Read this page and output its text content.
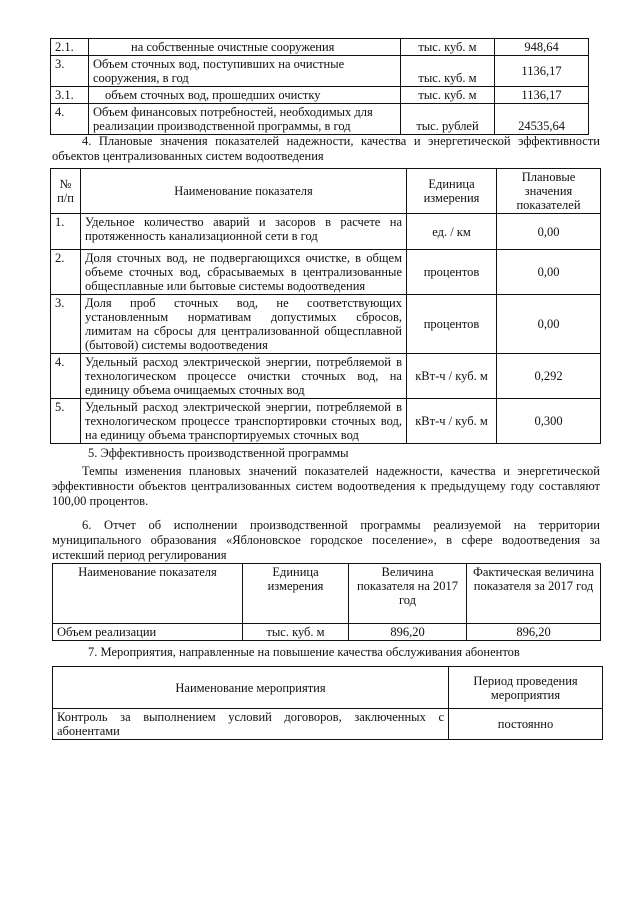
2.1.	на собственные очистные сооружения	тыс. куб. м	948,64
3.	Объем сточных вод, поступивших на очистные сооружения, в год	тыс. куб. м	1136,17
3.1.	объем сточных вод, прошедших очистку	тыс. куб. м	1136,17
4.	Объем финансовых потребностей, необходимых для реализации производственной программы, в год	тыс. рублей	24535,64
4. Плановые значения показателей надежности, качества и энергетической эффективности объектов централизованных систем водоотведения
№ п/п	Наименование показателя	Единица измерения	Плановые значения показателей
1.	Удельное количество аварий и засоров в расчете на протяженность канализационной сети в год	ед. / км	0,00
2.	Доля сточных вод, не подвергающихся очистке, в общем объеме сточных вод, сбрасываемых в централизованные общесплавные или бытовые системы водоотведения	процентов	0,00
3.	Доля проб сточных вод, не соответствующих установленным нормативам допустимых сбросов, лимитам на сбросы для централизованной общесплавной (бытовой) системы водоотведения	процентов	0,00
4.	Удельный расход электрической энергии, потребляемой в технологическом процессе очистки сточных вод, на единицу объема очищаемых сточных вод	кВт-ч / куб. м	0,292
5.	Удельный расход электрической энергии, потребляемой в технологическом процессе транспортировки сточных вод, на единицу объема транспортируемых сточных вод	кВт-ч / куб. м	0,300
5. Эффективность производственной программы
Темпы изменения плановых значений показателей надежности, качества и энергетической эффективности объектов централизованных систем водоотведения к предыдущему году составляют 100,00 процентов.
6. Отчет об исполнении производственной программы реализуемой на территории муниципального образования «Яблоновское городское поселение», в сфере водоотведения за истекший период регулирования
Наименование показателя	Единица измерения	Величина показателя на 2017 год	Фактическая величина показателя за 2017 год
Объем реализации	тыс. куб. м	896,20	896,20
7. Мероприятия, направленные на повышение качества обслуживания абонентов
Наименование мероприятия	Период проведения мероприятия
Контроль за выполнением условий договоров, заключенных с абонентами	постоянно
